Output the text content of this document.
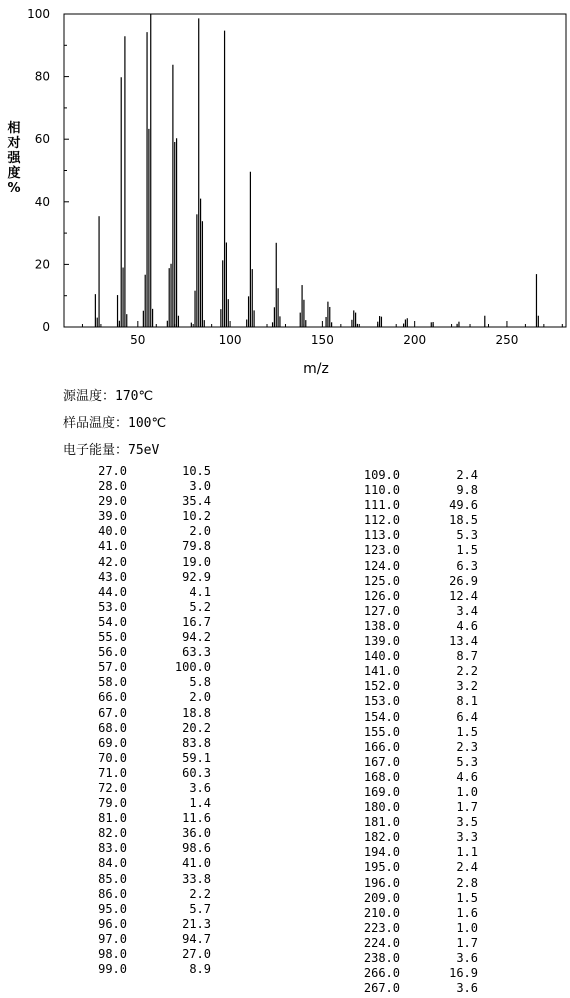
50	100	150	200	250
0
20
40
60
80
100
m/z
相对强度%
源温度：170℃
样品温度：100℃
电子能量：75eV
27.0	10.5
28.0	3.0
29.0	35.4
39.0	10.2
40.0	2.0
41.0	79.8
42.0	19.0
43.0	92.9
44.0	4.1
53.0	5.2
54.0	16.7
55.0	94.2
56.0	63.3
57.0	100.0
58.0	5.8
66.0	2.0
67.0	18.8
68.0	20.2
69.0	83.8
70.0	59.1
71.0	60.3
72.0	3.6
79.0	1.4
81.0	11.6
82.0	36.0
83.0	98.6
84.0	41.0
85.0	33.8
86.0	2.2
95.0	5.7
96.0	21.3
97.0	94.7
98.0	27.0
99.0	8.9
109.0	2.4
110.0	9.8
111.0	49.6
112.0	18.5
113.0	5.3
123.0	1.5
124.0	6.3
125.0	26.9
126.0	12.4
127.0	3.4
138.0	4.6
139.0	13.4
140.0	8.7
141.0	2.2
152.0	3.2
153.0	8.1
154.0	6.4
155.0	1.5
166.0	2.3
167.0	5.3
168.0	4.6
169.0	1.0
180.0	1.7
181.0	3.5
182.0	3.3
194.0	1.1
195.0	2.4
196.0	2.8
209.0	1.5
210.0	1.6
223.0	1.0
224.0	1.7
238.0	3.6
266.0	16.9
267.0	3.6
